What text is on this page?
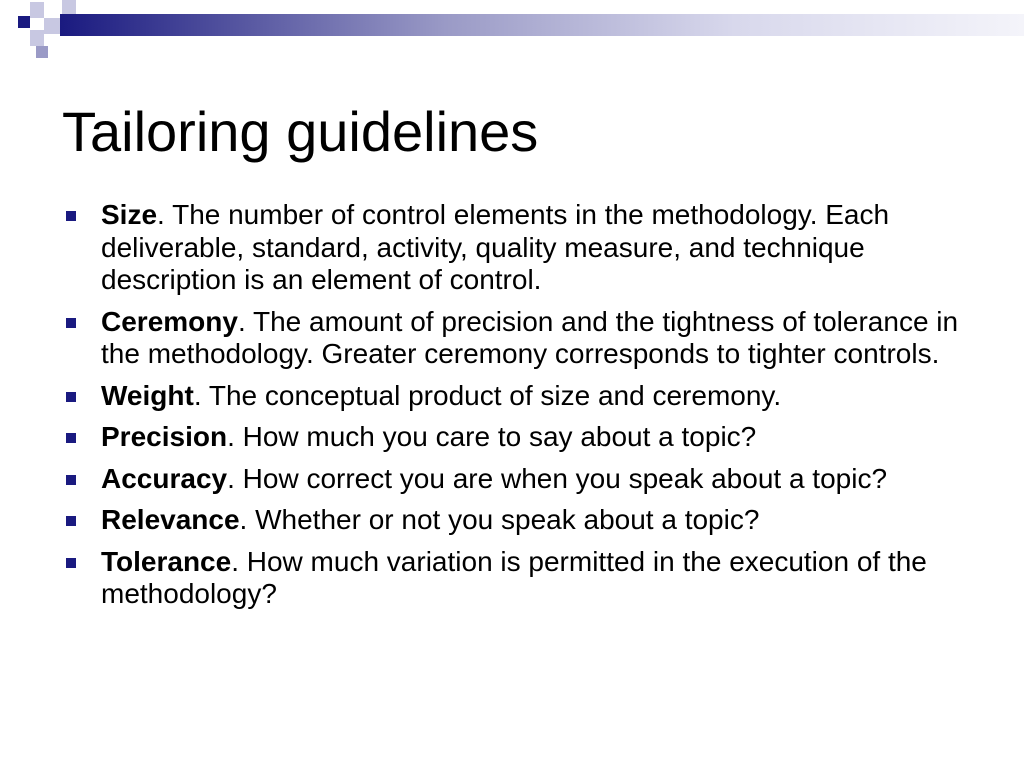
Tailoring guidelines
Size. The number of control elements in the methodology. Each deliverable, standard, activity, quality measure, and technique description is an element of control.
Ceremony. The amount of precision and the tightness of tolerance in the methodology. Greater ceremony corresponds to tighter controls.
Weight. The conceptual product of size and ceremony.
Precision. How much you care to say about a topic?
Accuracy. How correct you are when you speak about a topic?
Relevance. Whether or not you speak about a topic?
Tolerance. How much variation is permitted in the execution of the methodology?
